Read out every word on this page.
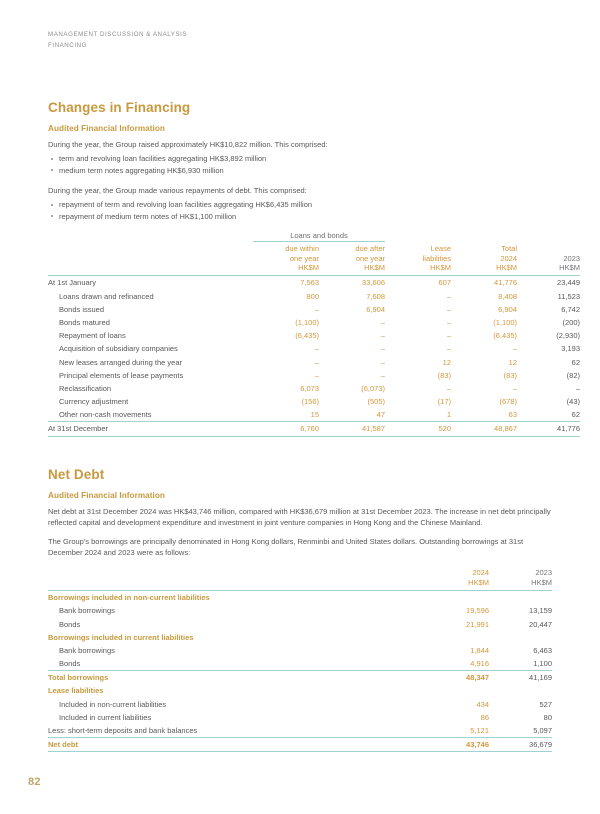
MANAGEMENT DISCUSSION & ANALYSIS
FINANCING
Changes in Financing
Audited Financial Information

During the year, the Group raised approximately HK$10,822 million. This comprised:

term and revolving loan facilities aggregating HK$3,892 million
medium term notes aggregating HK$6,930 million

During the year, the Group made various repayments of debt. This comprised:

repayment of term and revolving loan facilities aggregating HK$6,435 million
repayment of medium term notes of HK$1,100 million
	Loans and bonds				

	due within
one year
HK$M	due after
one year
HK$M	Lease
liabilities
HK$M	Total
2024
HK$M	2023
HK$M

At 1st January	7,563	33,606	607	41,776	23,449
Loans drawn and refinanced	800	7,608	–	8,408	11,523
Bonds issued	–	6,904	–	6,904	6,742
Bonds matured	(1,100)	–	–	(1,100)	(200)
Repayment of loans	(6,435)	–	–	(6,435)	(2,930)
Acquisition of subsidiary companies	–	–	–	–	3,193
New leases arranged during the year	–	–	12	12	62
Principal elements of lease payments	–	–	(83)	(83)	(82)
Reclassification	6,073	(6,073)	–	–	–
Currency adjustment	(156)	(505)	(17)	(678)	(43)
Other non-cash movements	15	47	1	63	62

At 31st December	6,760	41,587	520	48,867	41,776

Net Debt
Audited Financial Information

Net debt at 31st December 2024 was HK$43,746 million, compared with HK$36,679 million at 31st December 2023. The increase in net debt principally reflected capital and development expenditure and investment in joint venture companies in Hong Kong and the Chinese Mainland.

The Group's borrowings are principally denominated in Hong Kong dollars, Renminbi and United States dollars. Outstanding borrowings at 31st December 2024 and 2023 were as follows:

	2024
HK$M	2023
HK$M

Borrowings included in non-current liabilities		
Bank borrowings	19,596	13,159
Bonds	21,991	20,447
Borrowings included in current liabilities		
Bank borrowings	1,844	6,463
Bonds	4,916	1,100

Total borrowings	48,347	41,169
Lease liabilities		
Included in non-current liabilities	434	527
Included in current liabilities	86	80
Less: short-term deposits and bank balances	5,121	5,097

Net debt	43,746	36,679

82
